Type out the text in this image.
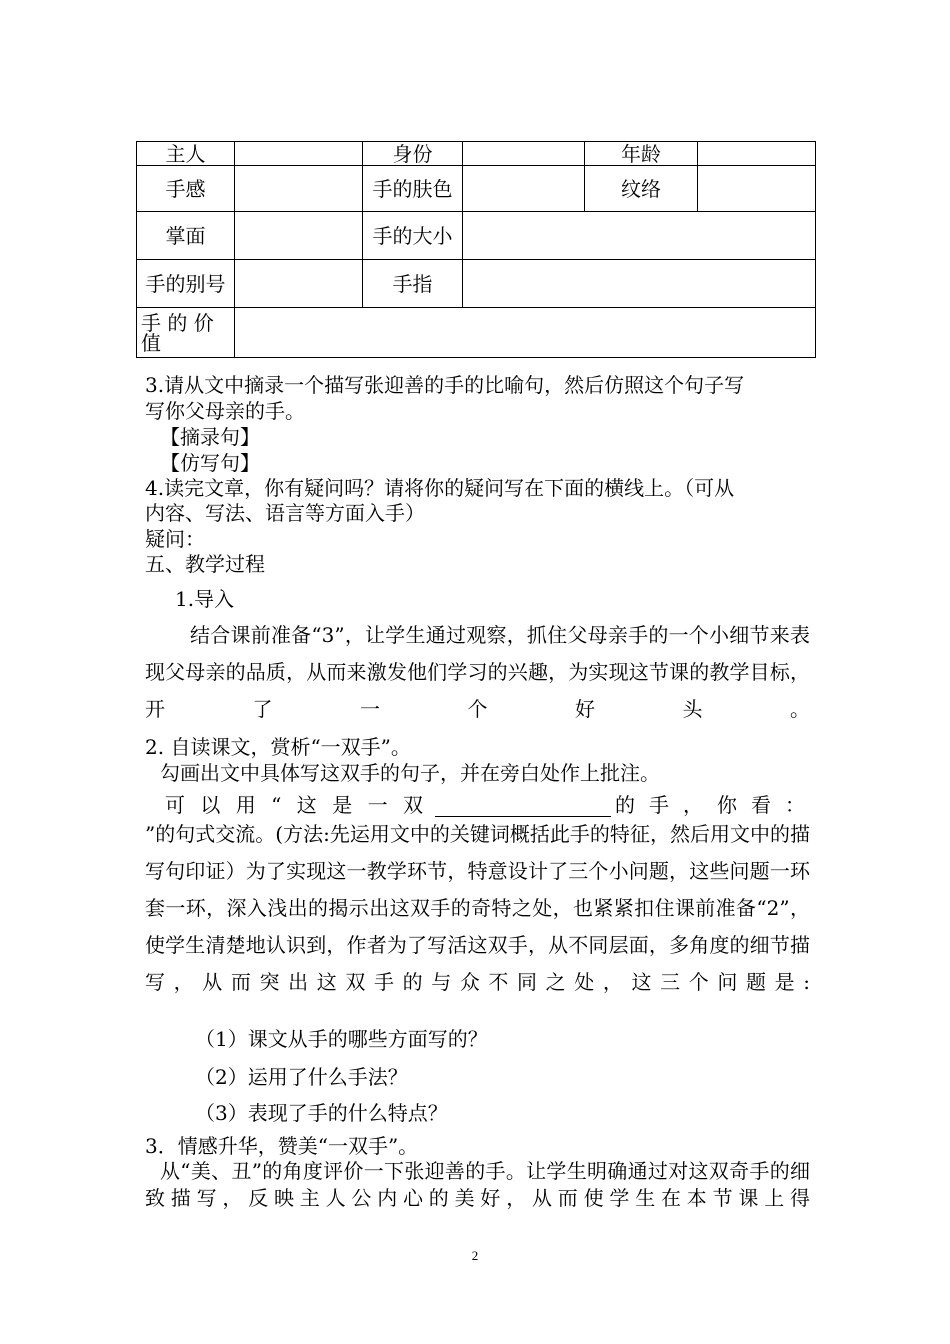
主人		身份		年龄	
手感		手的肤色		纹络	
掌面		手的大小			
手的别号		手指			
手 的 价 值					
3.请从文中摘录一个描写张迎善的手的比喻句，然后仿照这个句子写
写你父母亲的手。
【摘录句】
【仿写句】
4.读完文章，你有疑问吗？请将你的疑问写在下面的横线上。（可从
内容、写法、语言等方面入手）
疑问：
五、教学过程
1.导入
结合课前准备“3”，让学生通过观察，抓住父母亲手的一个小细节来表现父母亲的品质，从而来激发他们学习的兴趣，为实现这节课的教学目标，开了一个好头。
2. 自读课文，赏析“一双手”。
勾画出文中具体写这双手的句子，并在旁白处作上批注。
可以用“这是一双	的手，你看：
”的句式交流。(方法:先运用文中的关键词概括此手的特征，然后用文中的描写句印证）为了实现这一教学环节，特意设计了三个小问题，这些问题一环套一环，深入浅出的揭示出这双手的奇特之处，也紧紧扣住课前准备“2”，使学生清楚地认识到，作者为了写活这双手，从不同层面，多角度的细节描写，从而突出这双手的与众不同之处，这三个问题是:
（1）课文从手的哪些方面写的？
（2）运用了什么手法？
（3）表现了手的什么特点？
3．情感升华，赞美“一双手”。
从“美、丑”的角度评价一下张迎善的手。让学生明确通过对这双奇手的细致描写，反映主人公内心的美好，从而使学生在本节课上得
2
